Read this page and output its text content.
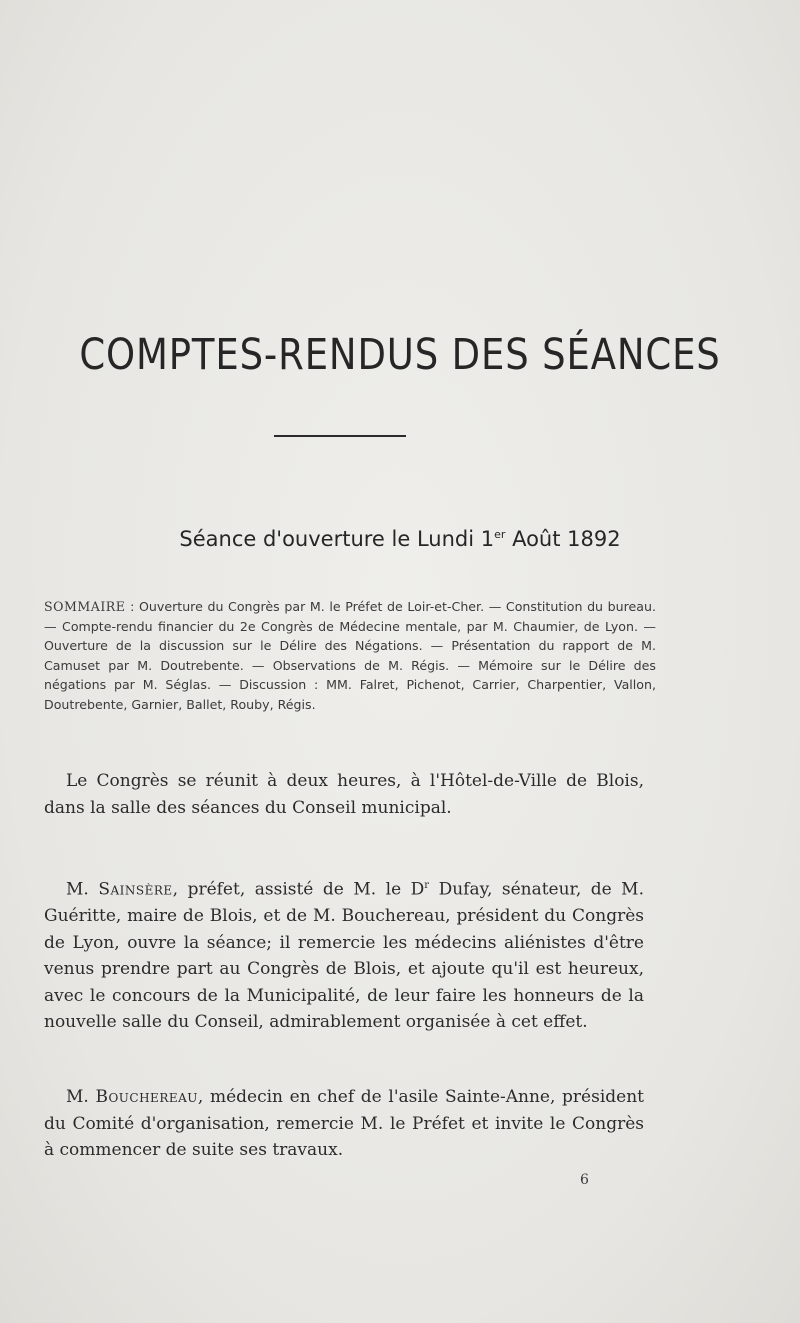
COMPTES-RENDUS DES SÉANCES
Séance d'ouverture le Lundi 1er Août 1892
SOMMAIRE : Ouverture du Congrès par M. le Préfet de Loir-et-Cher. — Constitution du bureau. — Compte-rendu financier du 2e Congrès de Médecine mentale, par M. Chaumier, de Lyon. — Ouverture de la discussion sur le Délire des Négations. — Présentation du rapport de M. Camuset par M. Doutrebente. — Observations de M. Régis. — Mémoire sur le Délire des négations par M. Séglas. — Discussion : MM. Falret, Pichenot, Carrier, Charpentier, Vallon, Doutrebente, Garnier, Ballet, Rouby, Régis.
Le Congrès se réunit à deux heures, à l'Hôtel-de-Ville de Blois, dans la salle des séances du Conseil municipal.
M. Sainsère, préfet, assisté de M. le $D^r$ Dufay, sénateur, de M. Guéritte, maire de Blois, et de M. Bouchereau, président du Congrès de Lyon, ouvre la séance; il remercie les médecins aliénistes d'être venus prendre part au Congrès de Blois, et ajoute qu'il est heureux, avec le concours de la Municipalité, de leur faire les honneurs de la nouvelle salle du Conseil, admirablement organisée à cet effet.
M. Bouchereau, médecin en chef de l'asile Sainte-Anne, président du Comité d'organisation, remercie M. le Préfet et invite le Congrès à commencer de suite ses travaux.
6
